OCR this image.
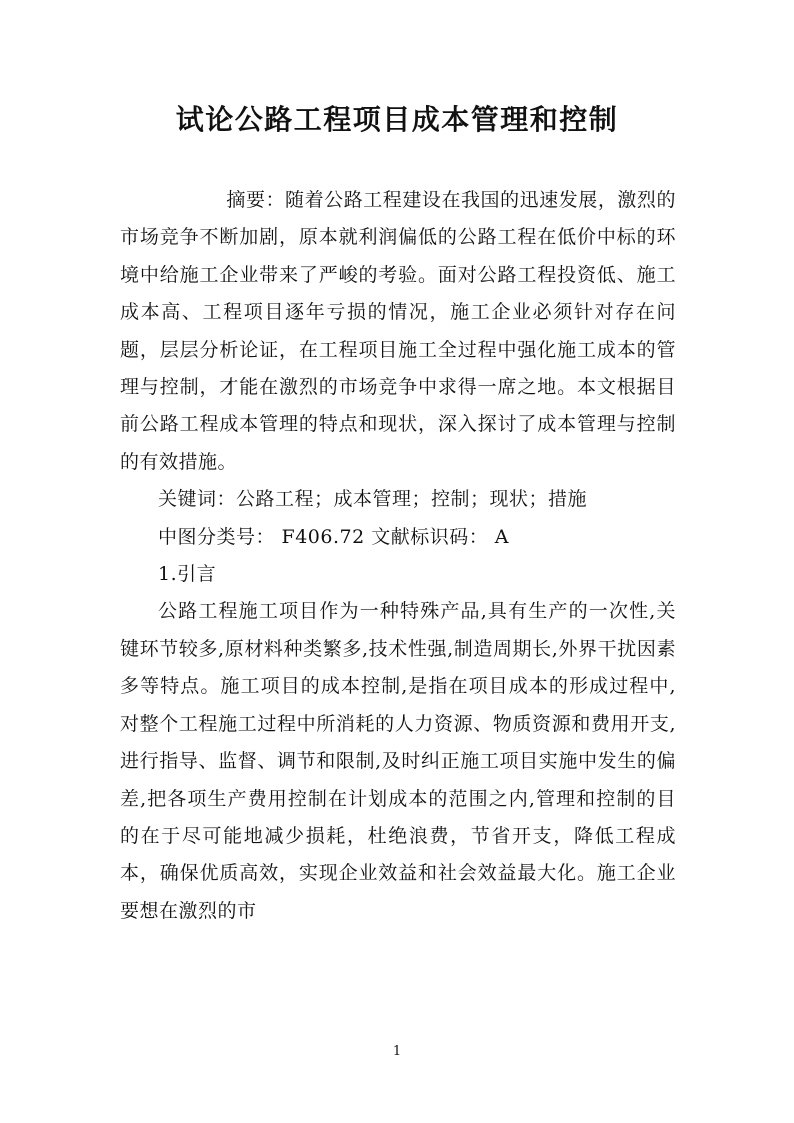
试论公路工程项目成本管理和控制

摘要：随着公路工程建设在我国的迅速发展，激烈的市场竞争不断加剧，原本就利润偏低的公路工程在低价中标的环境中给施工企业带来了严峻的考验。面对公路工程投资低、施工成本高、工程项目逐年亏损的情况，施工企业必须针对存在问题，层层分析论证，在工程项目施工全过程中强化施工成本的管理与控制，才能在激烈的市场竞争中求得一席之地。本文根据目前公路工程成本管理的特点和现状，深入探讨了成本管理与控制的有效措施。

关键词：公路工程；成本管理；控制；现状；措施

中图分类号： F406.72 文献标识码： A

1.引言

公路工程施工项目作为一种特殊产品,具有生产的一次性,关键环节较多,原材料种类繁多,技术性强,制造周期长,外界干扰因素多等特点。施工项目的成本控制,是指在项目成本的形成过程中,对整个工程施工过程中所消耗的人力资源、物质资源和费用开支,进行指导、监督、调节和限制,及时纠正施工项目实施中发生的偏差,把各项生产费用控制在计划成本的范围之内,管理和控制的目的在于尽可能地减少损耗，杜绝浪费，节省开支，降低工程成本，确保优质高效，实现企业效益和社会效益最大化。施工企业要想在激烈的市

1
